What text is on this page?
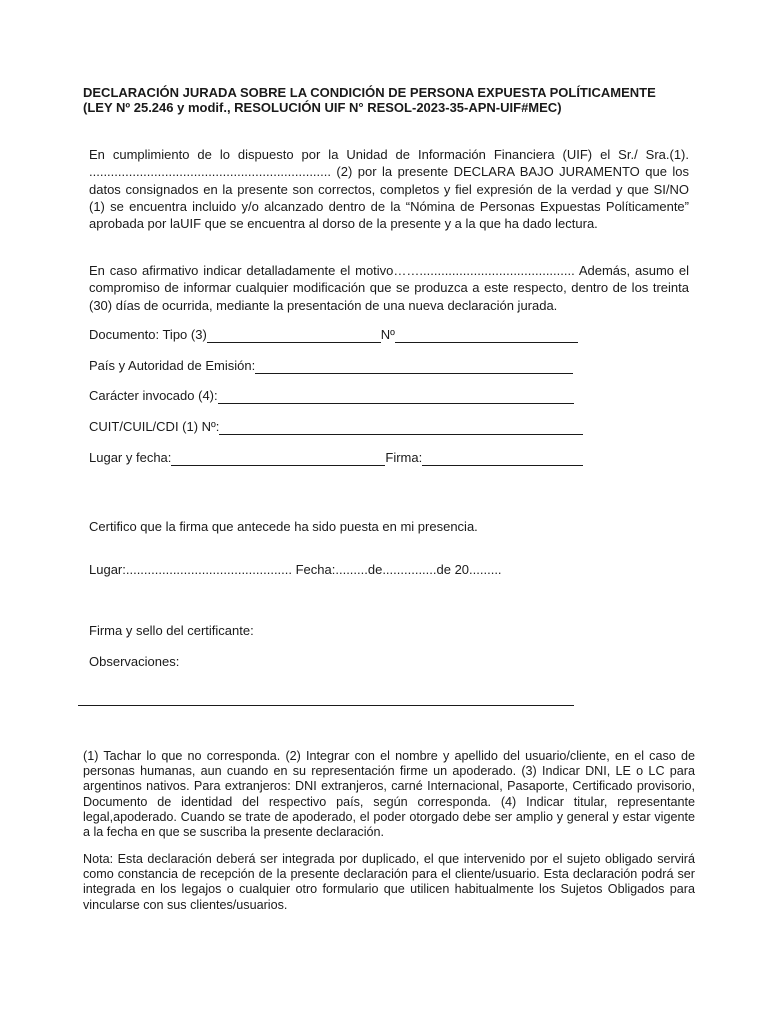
DECLARACIÓN JURADA SOBRE LA CONDICIÓN DE PERSONA EXPUESTA POLÍTICAMENTE
(LEY Nº 25.246 y modif., RESOLUCIÓN UIF N° RESOL-2023-35-APN-UIF#MEC)
En cumplimiento de lo dispuesto por la Unidad de Información Financiera (UIF) el Sr./ Sra.(1). ................................................................... (2) por la presente DECLARA BAJO JURAMENTO que los datos consignados en la presente son correctos, completos y fiel expresión de la verdad y que SI/NO (1) se encuentra incluido y/o alcanzado dentro de la “Nómina de Personas Expuestas Políticamente” aprobada por laUIF que se encuentra al dorso de la presente y a la que ha dado lectura.
En caso afirmativo indicar detalladamente el motivo……........................................... Además, asumo el compromiso de informar cualquier modificación que se produzca a este respecto, dentro de los treinta (30) días de ocurrida, mediante la presentación de una nueva declaración jurada.
Documento: Tipo (3)	Nº
País y Autoridad de Emisión:
Carácter invocado (4):
CUIT/CUIL/CDI (1) Nº:
Lugar y fecha:	Firma:
Certifico que la firma que antecede ha sido puesta en mi presencia.
Lugar:.............................................. Fecha:.........de...............de 20.........
Firma y sello del certificante:
Observaciones:
(1) Tachar lo que no corresponda. (2) Integrar con el nombre y apellido del usuario/cliente, en el caso de personas humanas, aun cuando en su representación firme un apoderado. (3) Indicar DNI, LE o LC para argentinos nativos. Para extranjeros: DNI extranjeros, carné Internacional, Pasaporte, Certificado provisorio, Documento de identidad del respectivo país, según corresponda. (4) Indicar titular, representante legal,apoderado. Cuando se trate de apoderado, el poder otorgado debe ser amplio y general y estar vigente a la fecha en que se suscriba la presente declaración.
Nota: Esta declaración deberá ser integrada por duplicado, el que intervenido por el sujeto obligado servirá como constancia de recepción de la presente declaración para el cliente/usuario. Esta declaración podrá ser integrada en los legajos o cualquier otro formulario que utilicen habitualmente los Sujetos Obligados para vincularse con sus clientes/usuarios.
